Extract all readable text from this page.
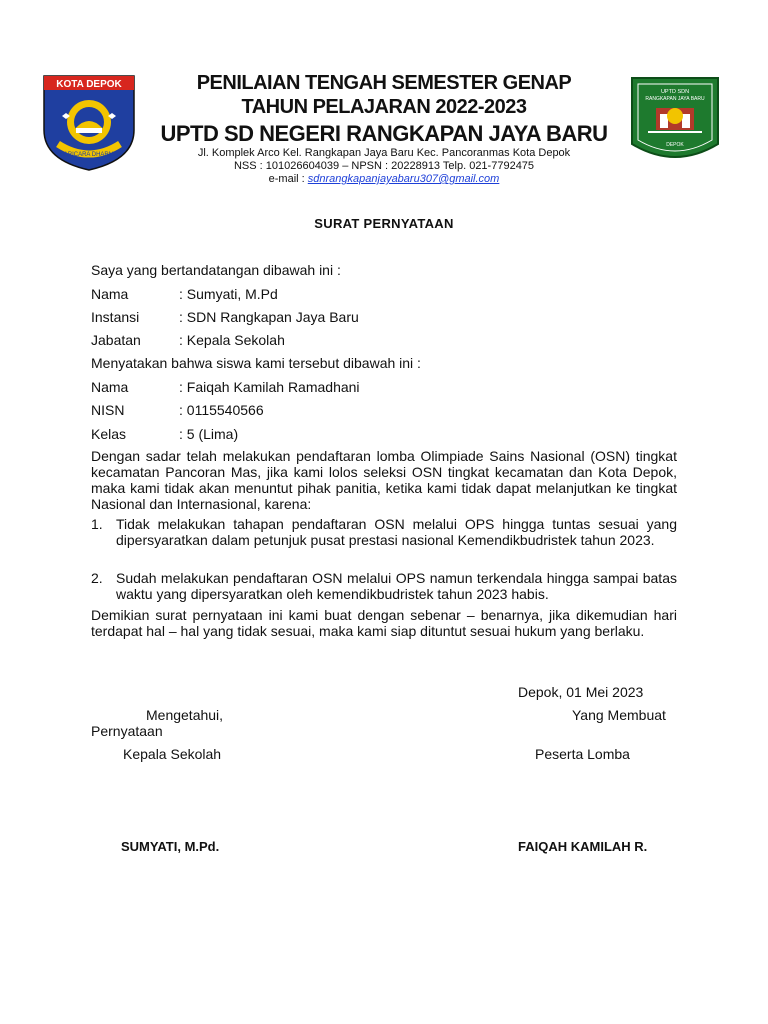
KOTA DEPOK
PARICARA DHARMA
UPTD SDN
RANGKAPAN JAYA BARU
DEPOK
PENILAIAN TENGAH SEMESTER GENAP
TAHUN PELAJARAN 2022-2023
UPTD SD NEGERI RANGKAPAN JAYA BARU
Jl. Komplek Arco Kel. Rangkapan Jaya Baru Kec. Pancoranmas Kota Depok
NSS : 101026604039 – NPSN : 20228913 Telp. 021-7792475
e-mail : sdnrangkapanjayabaru307@gmail.com
SURAT PERNYATAAN
Saya yang bertandatangan dibawah ini :
Nama	: Sumyati, M.Pd
Instansi	: SDN Rangkapan Jaya Baru
Jabatan	: Kepala Sekolah
Menyatakan bahwa siswa kami tersebut dibawah ini :
Nama	: Faiqah Kamilah Ramadhani
NISN	: 0115540566
Kelas	: 5 (Lima)
Dengan sadar telah melakukan pendaftaran lomba Olimpiade Sains Nasional (OSN) tingkat kecamatan Pancoran Mas, jika kami lolos seleksi OSN tingkat kecamatan dan Kota Depok, maka kami tidak akan menuntut pihak panitia, ketika kami tidak dapat melanjutkan ke tingkat Nasional dan Internasional, karena:
1. Tidak melakukan tahapan pendaftaran OSN melalui OPS hingga tuntas sesuai yang dipersyaratkan dalam petunjuk pusat prestasi nasional Kemendikbudristek tahun 2023.
2. Sudah melakukan pendaftaran OSN melalui OPS namun terkendala hingga sampai batas waktu yang dipersyaratkan oleh kemendikbudristek tahun 2023 habis.
Demikian surat pernyataan ini kami buat dengan sebenar – benarnya, jika dikemudian hari terdapat hal – hal yang tidak sesuai, maka kami siap dituntut sesuai hukum yang berlaku.
Depok, 01 Mei 2023
Mengetahui,	Yang Membuat
Pernyataan
Kepala Sekolah	Peserta Lomba
SUMYATI, M.Pd.	FAIQAH KAMILAH R.
